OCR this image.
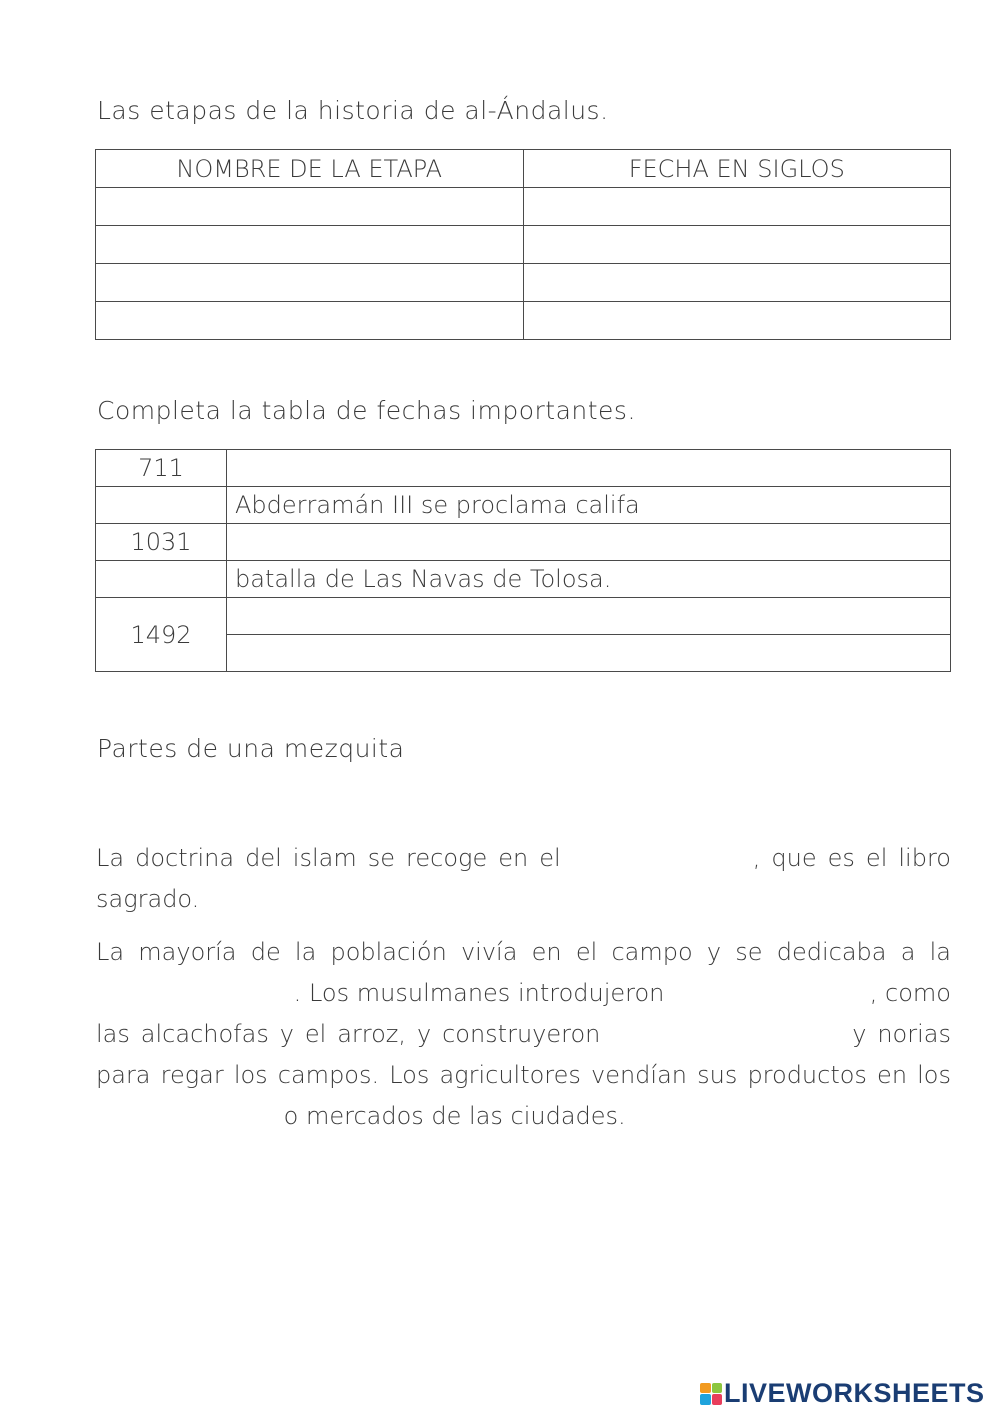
Las etapas de la historia de al-Ándalus.
NOMBRE DE LA ETAPA	FECHA EN SIGLOS

Completa la tabla de fechas importantes.
711	
	Abderramán III se proclama califa
1031	
	batalla de Las Navas de Tolosa.
1492	

Partes de una mezquita
La doctrina del islam se recoge en el	, que es el libro sagrado.
La mayoría de la población vivía en el campo y se dedicaba a la  . Los musulmanes introdujeron	, como las alcachofas y el arroz, y construyeron	y norias para regar los campos. Los agricultores vendían sus productos en los  o mercados de las ciudades.
LIVEWORKSHEETS
